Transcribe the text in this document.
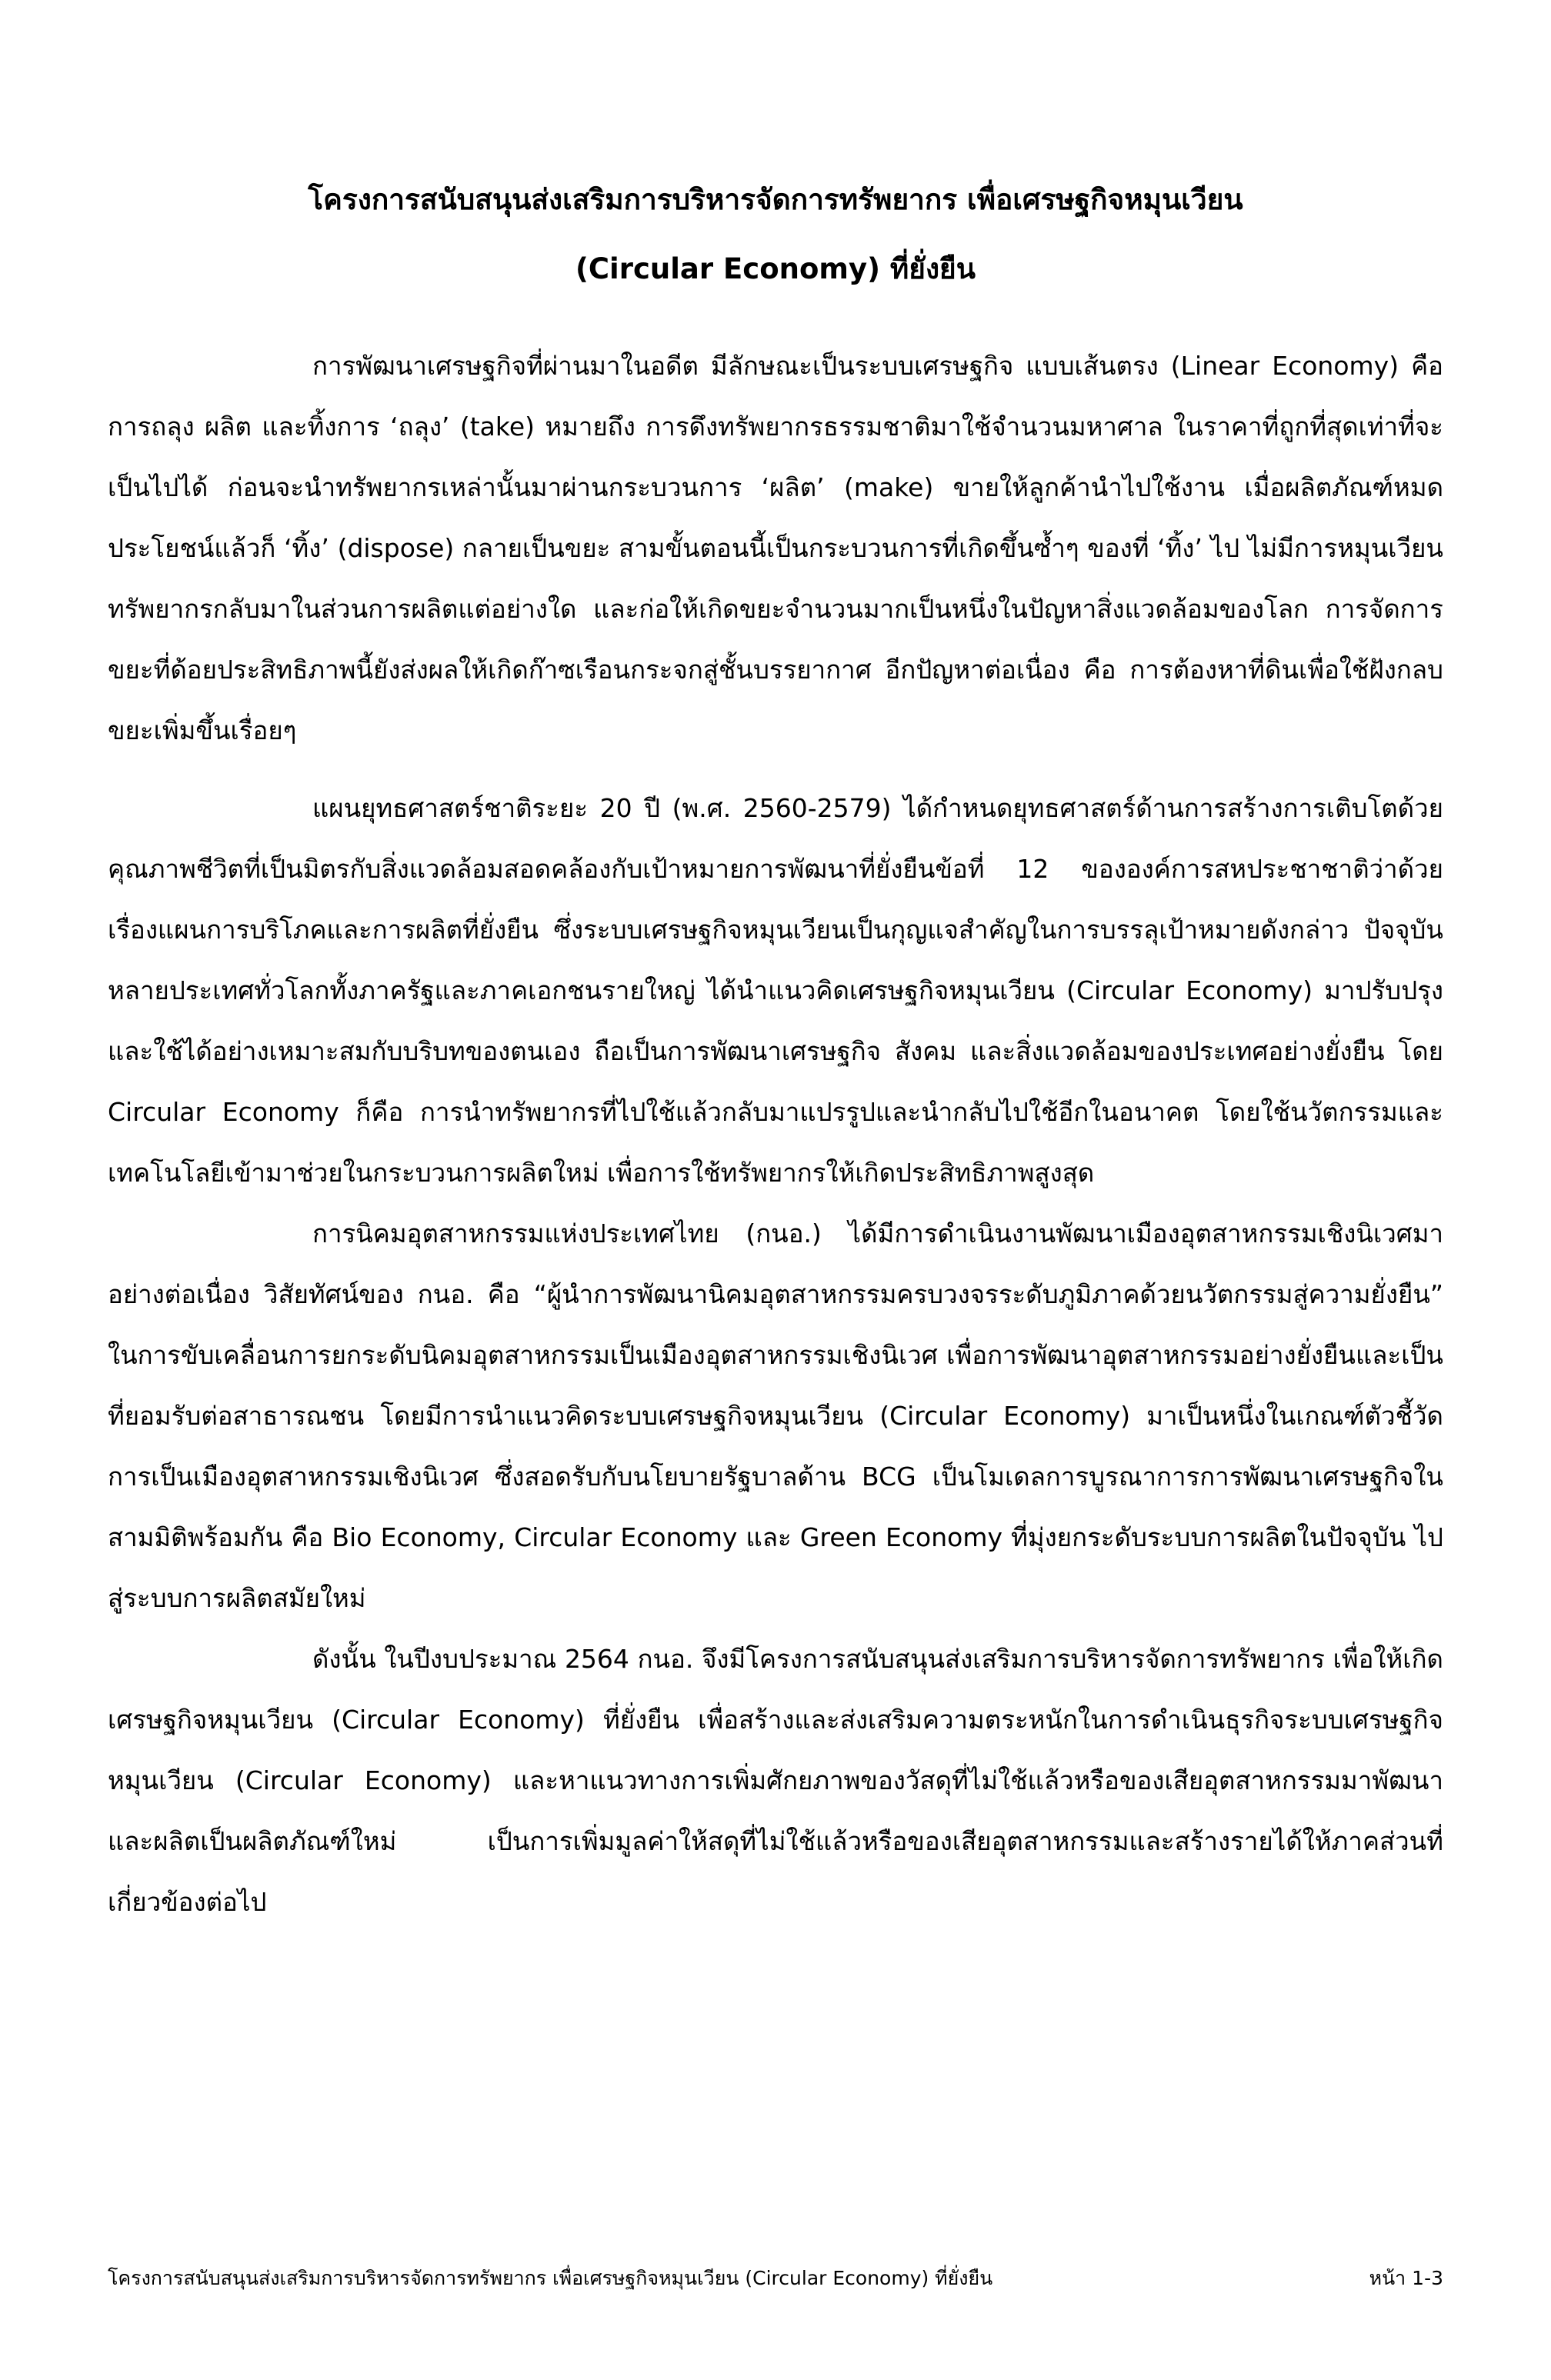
โครงการสนับสนุนส่งเสริมการบริหารจัดการทรัพยากร เพื่อเศรษฐกิจหมุนเวียน
(Circular Economy) ที่ยั่งยืน

การพัฒนาเศรษฐกิจที่ผ่านมาในอดีต มีลักษณะเป็นระบบเศรษฐกิจ แบบเส้นตรง (Linear Economy) คือ การถลุง ผลิต และทิ้งการ ‘ถลุง’ (take) หมายถึง การดึงทรัพยากรธรรมชาติมาใช้จำนวนมหาศาล ในราคาที่ถูกที่สุดเท่าที่จะเป็นไปได้ ก่อนจะนำทรัพยากรเหล่านั้นมาผ่านกระบวนการ ‘ผลิต’ (make) ขายให้ลูกค้านำไปใช้งาน เมื่อผลิตภัณฑ์หมดประโยชน์แล้วก็ ‘ทิ้ง’ (dispose) กลายเป็นขยะ สามขั้นตอนนี้เป็นกระบวนการที่เกิดขึ้นซ้ำๆ ของที่ ‘ทิ้ง’ ไป ไม่มีการหมุนเวียนทรัพยากรกลับมาในส่วนการผลิตแต่อย่างใด และก่อให้เกิดขยะจำนวนมากเป็นหนึ่งในปัญหาสิ่งแวดล้อมของโลก การจัดการขยะที่ด้อยประสิทธิภาพนี้ยังส่งผลให้เกิดก๊าซเรือนกระจกสู่ชั้นบรรยากาศ อีกปัญหาต่อเนื่อง คือ การต้องหาที่ดินเพื่อใช้ฝังกลบขยะเพิ่มขึ้นเรื่อยๆ

แผนยุทธศาสตร์ชาติระยะ 20 ปี (พ.ศ. 2560-2579) ได้กำหนดยุทธศาสตร์ด้านการสร้างการเติบโตด้วยคุณภาพชีวิตที่เป็นมิตรกับสิ่งแวดล้อมสอดคล้องกับเป้าหมายการพัฒนาที่ยั่งยืนข้อที่ 12 ขององค์การสหประชาชาติว่าด้วยเรื่องแผนการบริโภคและการผลิตที่ยั่งยืน ซึ่งระบบเศรษฐกิจหมุนเวียนเป็นกุญแจสำคัญในการบรรลุเป้าหมายดังกล่าว ปัจจุบันหลายประเทศทั่วโลกทั้งภาครัฐและภาคเอกชนรายใหญ่ ได้นำแนวคิดเศรษฐกิจหมุนเวียน (Circular Economy) มาปรับปรุงและใช้ได้อย่างเหมาะสมกับบริบทของตนเอง ถือเป็นการพัฒนาเศรษฐกิจ สังคม และสิ่งแวดล้อมของประเทศอย่างยั่งยืน โดย Circular Economy ก็คือ การนำทรัพยากรที่ไปใช้แล้วกลับมาแปรรูปและนำกลับไปใช้อีกในอนาคต โดยใช้นวัตกรรมและเทคโนโลยีเข้ามาช่วยในกระบวนการผลิตใหม่ เพื่อการใช้ทรัพยากรให้เกิดประสิทธิภาพสูงสุด

การนิคมอุตสาหกรรมแห่งประเทศไทย (กนอ.) ได้มีการดำเนินงานพัฒนาเมืองอุตสาหกรรมเชิงนิเวศมาอย่างต่อเนื่อง วิสัยทัศน์ของ กนอ. คือ “ผู้นำการพัฒนานิคมอุตสาหกรรมครบวงจรระดับภูมิภาคด้วยนวัตกรรมสู่ความยั่งยืน” ในการขับเคลื่อนการยกระดับนิคมอุตสาหกรรมเป็นเมืองอุตสาหกรรมเชิงนิเวศ เพื่อการพัฒนาอุตสาหกรรมอย่างยั่งยืนและเป็นที่ยอมรับต่อสาธารณชน โดยมีการนำแนวคิดระบบเศรษฐกิจหมุนเวียน (Circular Economy) มาเป็นหนึ่งในเกณฑ์ตัวชี้วัดการเป็นเมืองอุตสาหกรรมเชิงนิเวศ ซึ่งสอดรับกับนโยบายรัฐบาลด้าน BCG เป็นโมเดลการบูรณาการการพัฒนาเศรษฐกิจในสามมิติพร้อมกัน คือ Bio Economy, Circular Economy และ Green Economy ที่มุ่งยกระดับระบบการผลิตในปัจจุบัน ไปสู่ระบบการผลิตสมัยใหม่

ดังนั้น ในปีงบประมาณ 2564 กนอ. จึงมีโครงการสนับสนุนส่งเสริมการบริหารจัดการทรัพยากร เพื่อให้เกิดเศรษฐกิจหมุนเวียน (Circular Economy) ที่ยั่งยืน เพื่อสร้างและส่งเสริมความตระหนักในการดำเนินธุรกิจระบบเศรษฐกิจหมุนเวียน (Circular Economy) และหาแนวทางการเพิ่มศักยภาพของวัสดุที่ไม่ใช้แล้วหรือของเสียอุตสาหกรรมมาพัฒนาและผลิตเป็นผลิตภัณฑ์ใหม่ เป็นการเพิ่มมูลค่าให้สดุที่ไม่ใช้แล้วหรือของเสียอุตสาหกรรมและสร้างรายได้ให้ภาคส่วนที่เกี่ยวข้องต่อไป

โครงการสนับสนุนส่งเสริมการบริหารจัดการทรัพยากร เพื่อเศรษฐกิจหมุนเวียน (Circular Economy) ที่ยั่งยืน	หน้า 1-3
